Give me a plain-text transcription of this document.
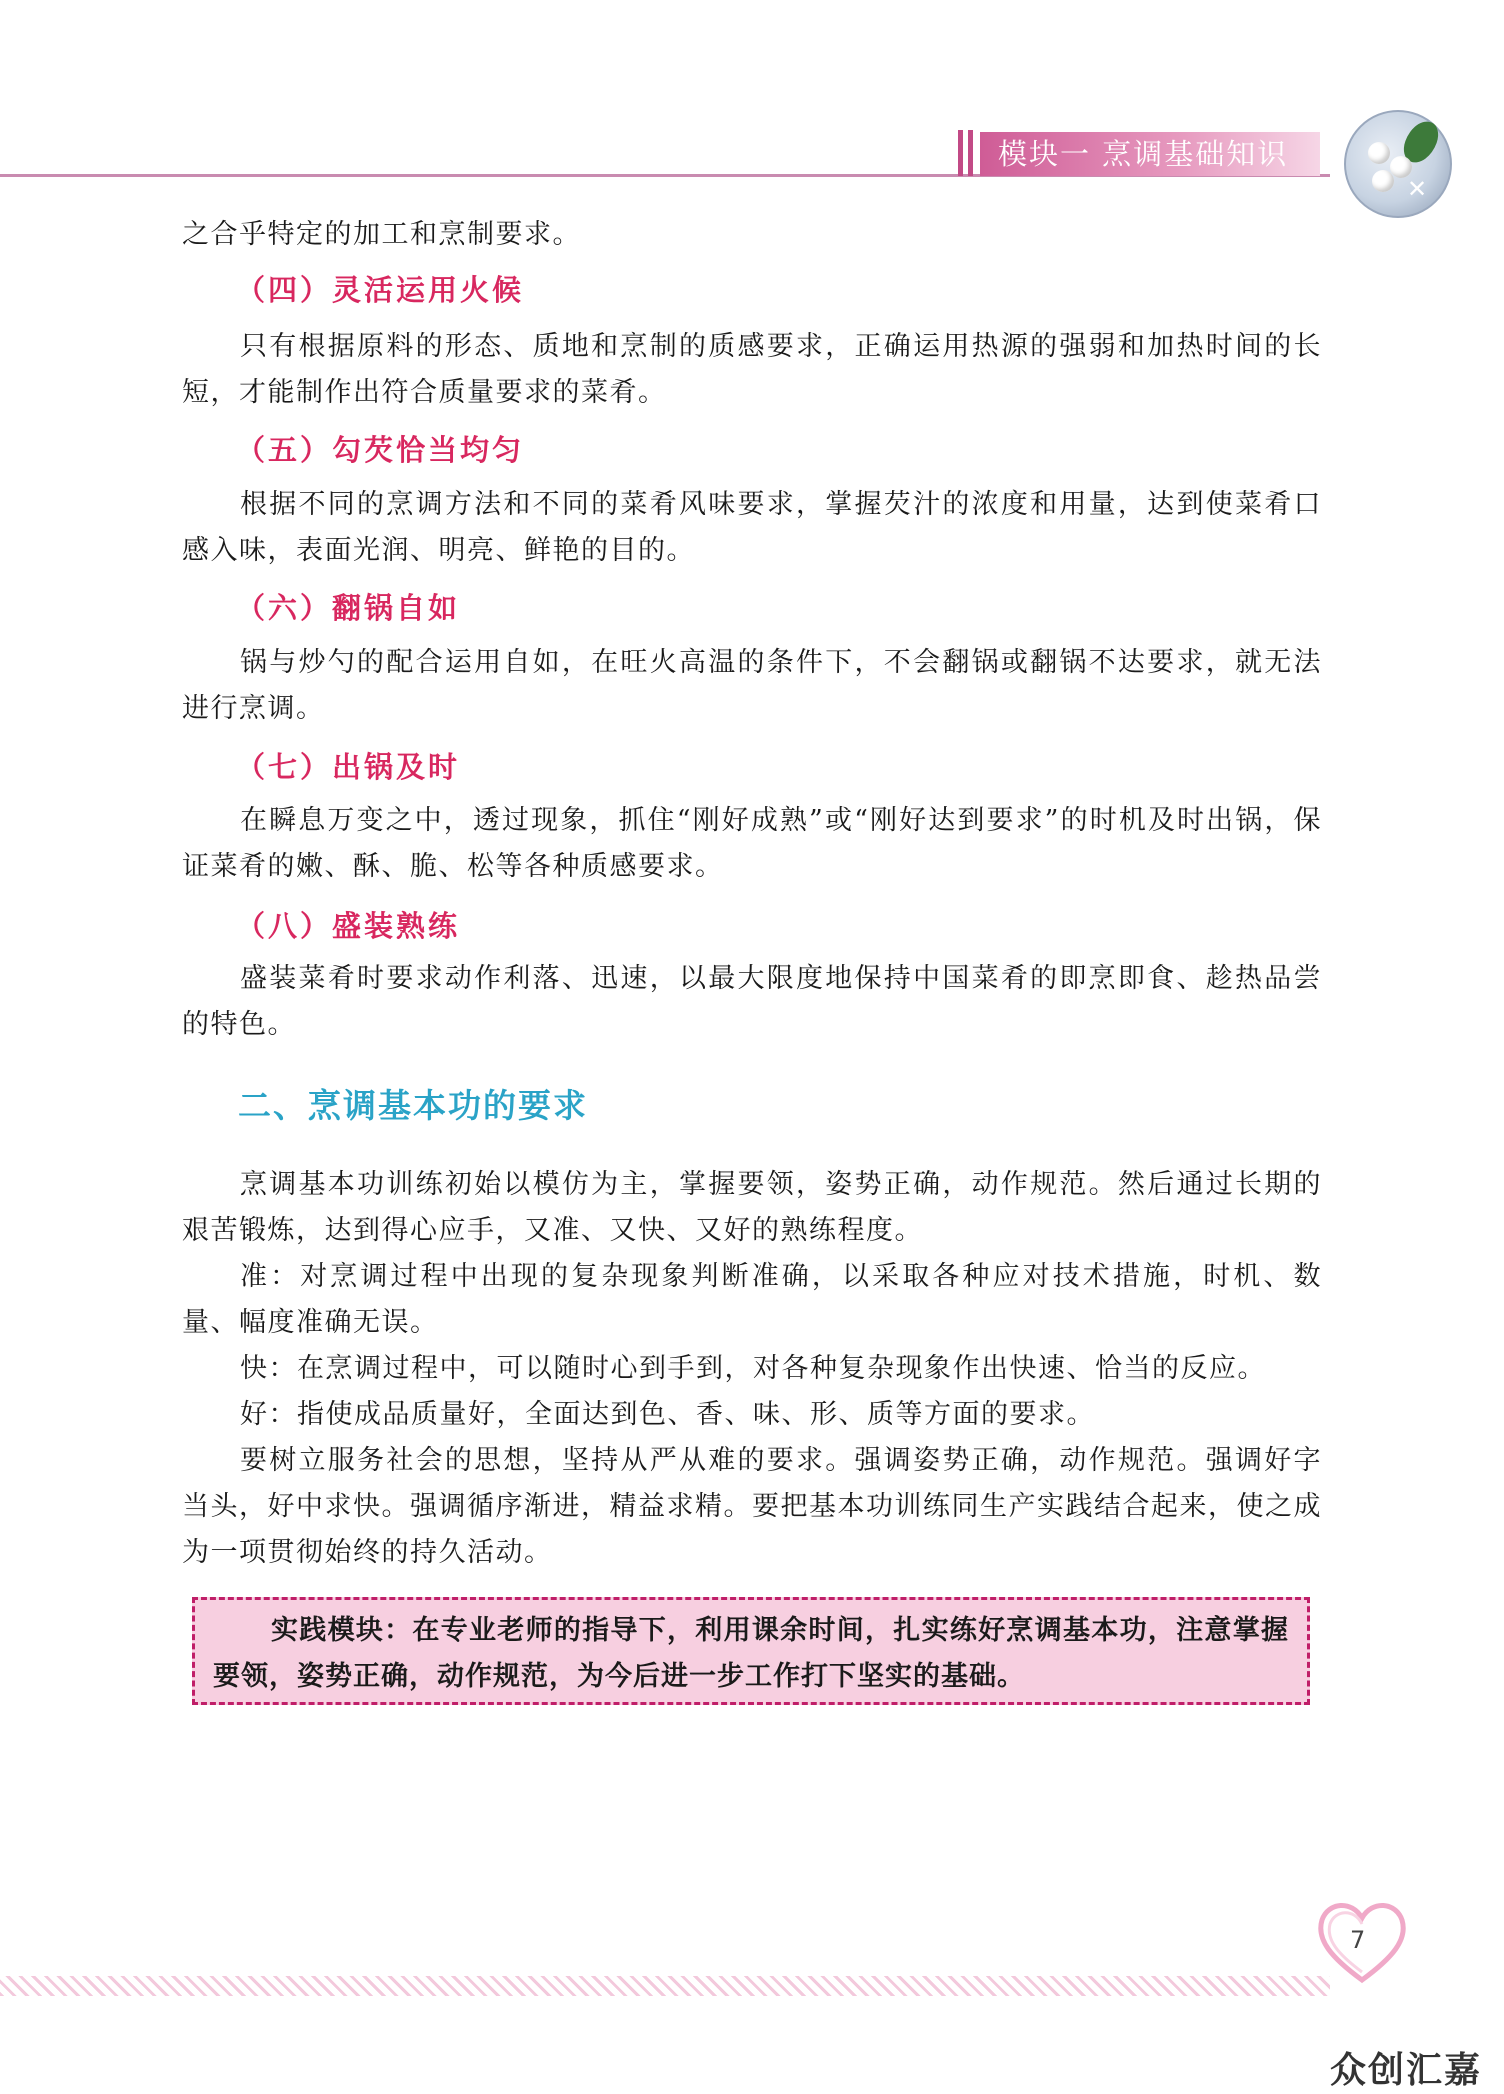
模块一 烹调基础知识
✕

之合乎特定的加工和烹制要求。

（四）灵活运用火候

只有根据原料的形态、质地和烹制的质感要求，正确运用热源的强弱和加热时间的长短，才能制作出符合质量要求的菜肴。

（五）勾芡恰当均匀

根据不同的烹调方法和不同的菜肴风味要求，掌握芡汁的浓度和用量，达到使菜肴口感入味，表面光润、明亮、鲜艳的目的。

（六）翻锅自如

锅与炒勺的配合运用自如，在旺火高温的条件下，不会翻锅或翻锅不达要求，就无法进行烹调。

（七）出锅及时

在瞬息万变之中，透过现象，抓住“刚好成熟”或“刚好达到要求”的时机及时出锅，保证菜肴的嫩、酥、脆、松等各种质感要求。

（八）盛装熟练

盛装菜肴时要求动作利落、迅速，以最大限度地保持中国菜肴的即烹即食、趁热品尝的特色。

二、烹调基本功的要求

烹调基本功训练初始以模仿为主，掌握要领，姿势正确，动作规范。然后通过长期的艰苦锻炼，达到得心应手，又准、又快、又好的熟练程度。

准：对烹调过程中出现的复杂现象判断准确，以采取各种应对技术措施，时机、数量、幅度准确无误。

快：在烹调过程中，可以随时心到手到，对各种复杂现象作出快速、恰当的反应。

好：指使成品质量好，全面达到色、香、味、形、质等方面的要求。

要树立服务社会的思想，坚持从严从难的要求。强调姿势正确，动作规范。强调好字当头，好中求快。强调循序渐进，精益求精。要把基本功训练同生产实践结合起来，使之成为一项贯彻始终的持久活动。

实践模块：在专业老师的指导下，利用课余时间，扎实练好烹调基本功，注意掌握要领，姿势正确，动作规范，为今后进一步工作打下坚实的基础。
7
众创汇嘉
